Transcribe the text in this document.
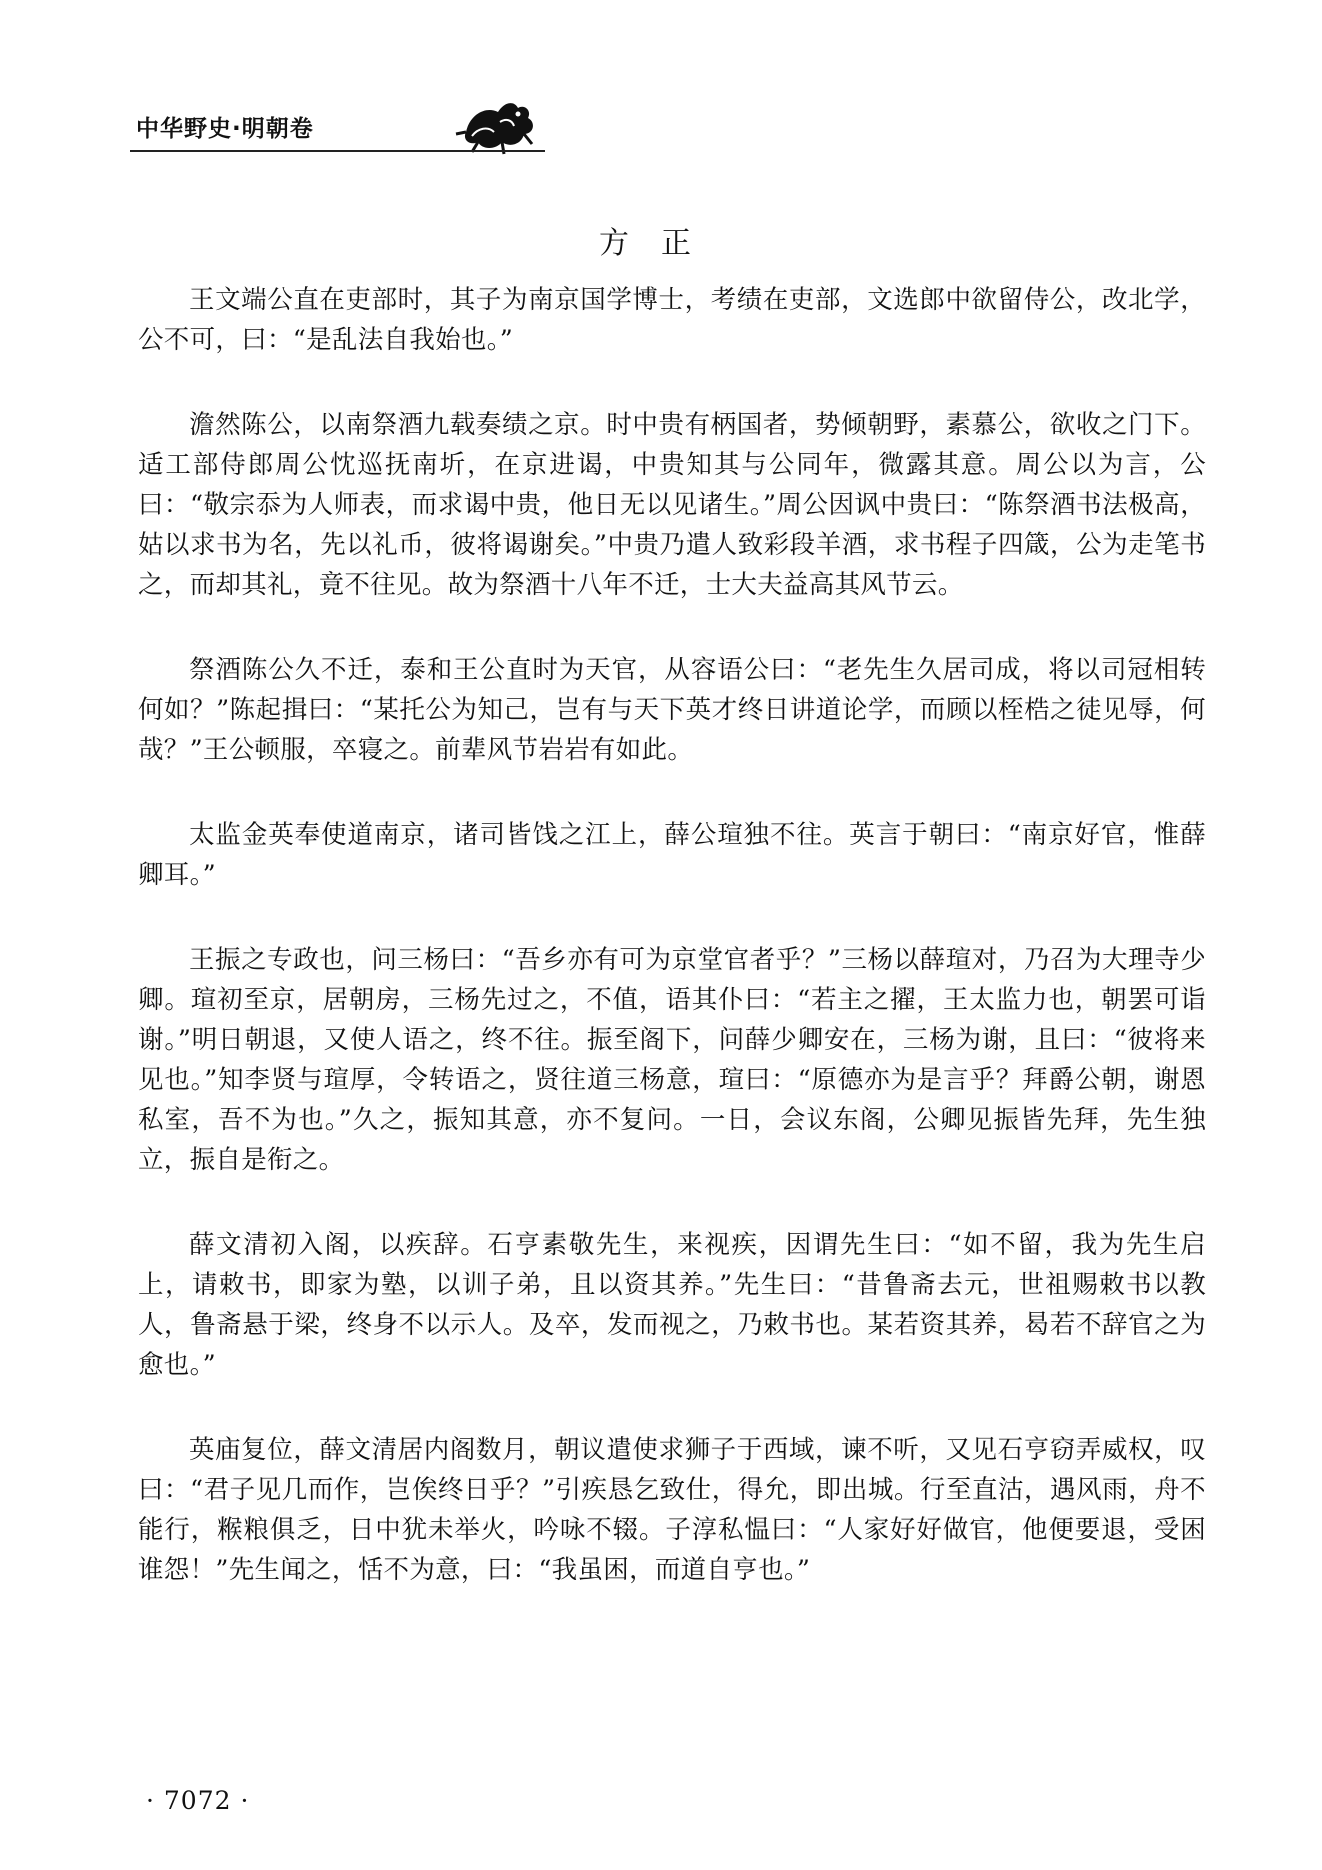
中华野史·明朝卷
方正

王文端公直在吏部时，其子为南京国学博士，考绩在吏部，文选郎中欲留侍公，改北学，公不可，曰：“是乱法自我始也。”

澹然陈公，以南祭酒九载奏绩之京。时中贵有柄国者，势倾朝野，素慕公，欲收之门下。适工部侍郎周公忱巡抚南圻，在京进谒，中贵知其与公同年，微露其意。周公以为言，公曰：“敬宗忝为人师表，而求谒中贵，他日无以见诸生。”周公因讽中贵曰：“陈祭酒书法极高，姑以求书为名，先以礼币，彼将谒谢矣。”中贵乃遣人致彩段羊酒，求书程子四箴，公为走笔书之，而却其礼，竟不往见。故为祭酒十八年不迁，士大夫益高其风节云。

祭酒陈公久不迁，泰和王公直时为天官，从容语公曰：“老先生久居司成，将以司冠相转何如？”陈起揖曰：“某托公为知己，岂有与天下英才终日讲道论学，而顾以桎梏之徒见辱，何哉？”王公顿服，卒寝之。前辈风节岩岩有如此。

太监金英奉使道南京，诸司皆饯之江上，薛公瑄独不往。英言于朝曰：“南京好官，惟薛卿耳。”

王振之专政也，问三杨曰：“吾乡亦有可为京堂官者乎？”三杨以薛瑄对，乃召为大理寺少卿。瑄初至京，居朝房，三杨先过之，不值，语其仆曰：“若主之擢，王太监力也，朝罢可诣谢。”明日朝退，又使人语之，终不往。振至阁下，问薛少卿安在，三杨为谢，且曰：“彼将来见也。”知李贤与瑄厚，令转语之，贤往道三杨意，瑄曰：“原德亦为是言乎？拜爵公朝，谢恩私室，吾不为也。”久之，振知其意，亦不复问。一日，会议东阁，公卿见振皆先拜，先生独立，振自是衔之。

薛文清初入阁，以疾辞。石亨素敬先生，来视疾，因谓先生曰：“如不留，我为先生启上，请敕书，即家为塾，以训子弟，且以资其养。”先生曰：“昔鲁斋去元，世祖赐敕书以教人，鲁斋悬于梁，终身不以示人。及卒，发而视之，乃敕书也。某若资其养，曷若不辞官之为愈也。”

英庙复位，薛文清居内阁数月，朝议遣使求狮子于西域，谏不听，又见石亨窃弄威权，叹曰：“君子见几而作，岂俟终日乎？”引疾恳乞致仕，得允，即出城。行至直沽，遇风雨，舟不能行，糇粮俱乏，日中犹未举火，吟咏不辍。子淳私愠曰：“人家好好做官，他便要退，受困谁怨！”先生闻之，恬不为意，曰：“我虽困，而道自亨也。”

· 7072 ·
